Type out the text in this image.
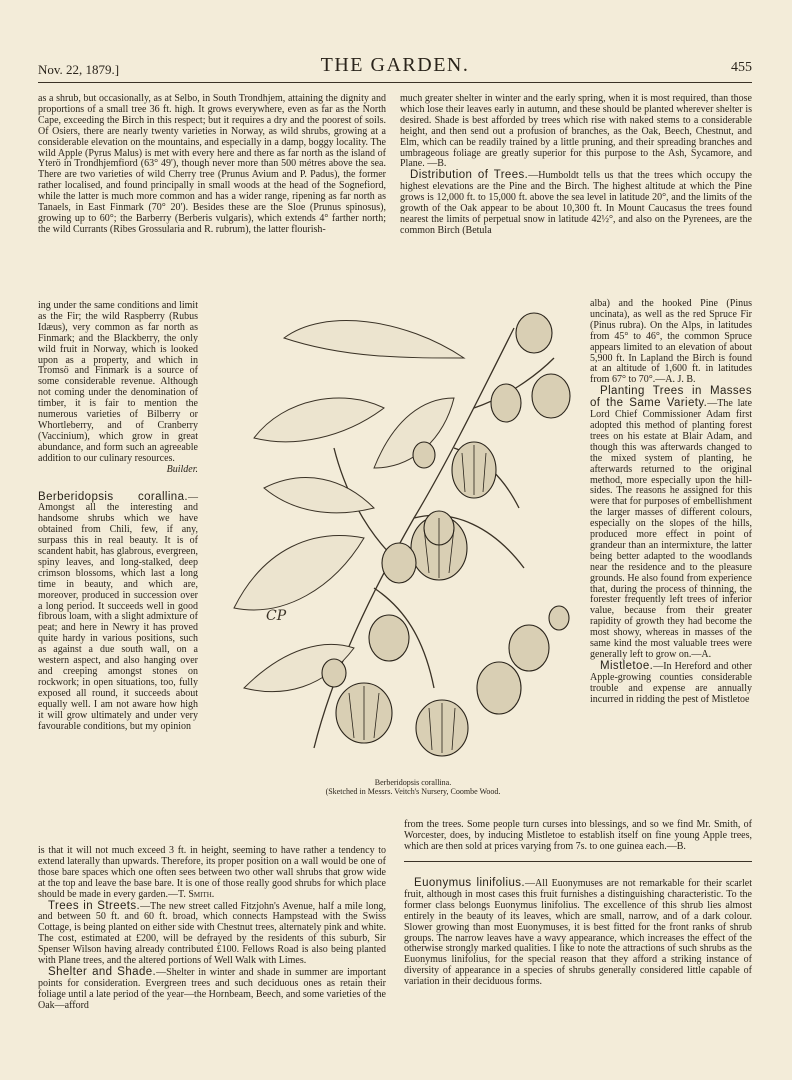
Nov. 22, 1879.]	THE GARDEN.	455

as a shrub, but occasionally, as at Selbo, in South Trondhjem, attaining the dignity and proportions of a small tree 36 ft. high. It grows everywhere, even as far as the North Cape, exceeding the Birch in this respect; but it requires a dry and the poorest of soils. Of Osiers, there are nearly twenty varieties in Norway, as wild shrubs, growing at a considerable elevation on the mountains, and especially in a damp, boggy locality. The wild Apple (Pyrus Malus) is met with every here and there as far north as the island of Yterö in Trondhjemfiord (63° 49'), though never more than 500 métres above the sea. There are two varieties of wild Cherry tree (Prunus Avium and P. Padus), the former rather localised, and found principally in small woods at the head of the Sognefiord, while the latter is much more common and has a wider range, ripening as far north as Tanaels, in East Finmark (70° 20'). Besides these are the Sloe (Prunus spinosus), growing up to 60°; the Barberry (Berberis vulgaris), which extends 4° farther north; the wild Currants (Ribes Grossularia and R. rubrum), the latter flourish-

ing under the same conditions and limit as the Fir; the wild Raspberry (Rubus Idæus), very common as far north as Finmark; and the Blackberry, the only wild fruit in Norway, which is looked upon as a property, and which in Tromsö and Finmark is a source of some considerable revenue. Although not coming under the denomination of timber, it is fair to mention the numerous varieties of Bilberry or Whortleberry, and of Cranberry (Vaccinium), which grow in great abundance, and form such an agreeable addition to our culinary resources.

Builder.

Berberidopsis corallina.—Amongst all the interesting and handsome shrubs which we have obtained from Chili, few, if any, surpass this in real beauty. It is of scandent habit, has glabrous, evergreen, spiny leaves, and long-stalked, deep crimson blossoms, which last a long time in beauty, and which are, moreover, produced in succession over a long period. It succeeds well in good fibrous loam, with a slight admixture of peat; and here in Newry it has proved quite hardy in various positions, such as against a due south wall, on a western aspect, and also hanging over and creeping amongst stones on rockwork; in open situations, too, fully exposed all round, it succeeds about equally well. I am not aware how high it will grow ultimately and under very favourable conditions, but my opinion

is that it will not much exceed 3 ft. in height, seeming to have rather a tendency to extend laterally than upwards. Therefore, its proper position on a wall would be one of those bare spaces which one often sees between two other wall shrubs that grow wide at the top and leave the base bare. It is one of those really good shrubs for which place should be made in every garden.—T. Smith.

Trees in Streets.—The new street called Fitzjohn's Avenue, half a mile long, and between 50 ft. and 60 ft. broad, which connects Hampstead with the Swiss Cottage, is being planted on either side with Chestnut trees, alternately pink and white. The cost, estimated at £200, will be defrayed by the residents of this suburb, Sir Spenser Wilson having already contributed £100. Fellows Road is also being planted with Plane trees, and the altered portions of Well Walk with Limes.

Shelter and Shade.—Shelter in winter and shade in summer are important points for consideration. Evergreen trees and such deciduous ones as retain their foliage until a late period of the year—the Hornbeam, Beech, and some varieties of the Oak—afford

much greater shelter in winter and the early spring, when it is most required, than those which lose their leaves early in autumn, and these should be planted wherever shelter is desired. Shade is best afforded by trees which rise with naked stems to a considerable height, and then send out a profusion of branches, as the Oak, Beech, Chestnut, and Elm, which can be readily trained by a little pruning, and their spreading branches and umbrageous foliage are greatly superior for this purpose to the Ash, Sycamore, and Plane. —B.

Distribution of Trees.—Humboldt tells us that the trees which occupy the highest elevations are the Pine and the Birch. The highest altitude at which the Pine grows is 12,000 ft. to 15,000 ft. above the sea level in latitude 20°, and the limits of the growth of the Oak appear to be about 10,300 ft. In Mount Caucasus the trees found nearest the limits of perpetual snow in latitude 42½°, and also on the Pyrenees, are the common Birch (Betula

alba) and the hooked Pine (Pinus uncinata), as well as the red Spruce Fir (Pinus rubra). On the Alps, in latitudes from 45° to 46°, the common Spruce appears limited to an elevation of about 5,900 ft. In Lapland the Birch is found at an altitude of 1,600 ft. in latitudes from 67° to 70°.—A. J. B.

Planting Trees in Masses of the Same Variety.—The late Lord Chief Commissioner Adam first adopted this method of planting forest trees on his estate at Blair Adam, and though this was afterwards changed to the mixed system of planting, he afterwards returned to the original method, more especially upon the hill-sides. The reasons he assigned for this were that for purposes of embellishment the larger masses of different colours, especially on the slopes of the hills, produced more effect in point of grandeur than an intermixture, the latter being better adapted to the woodlands near the residence and to the pleasure grounds. He also found from experience that, during the process of thinning, the forester frequently left trees of inferior value, because from their greater rapidity of growth they had become the most showy, whereas in masses of the same kind the most valuable trees were generally left to grow on.—A.

Mistletoe.—In Hereford and other Apple-growing counties considerable trouble and expense are annually incurred in ridding the pest of Mistletoe

from the trees. Some people turn curses into blessings, and so we find Mr. Smith, of Worcester, does, by inducing Mistletoe to establish itself on fine young Apple trees, which are then sold at prices varying from 7s. to one guinea each.—B.

Euonymus linifolius.—All Euonymuses are not remarkable for their scarlet fruit, although in most cases this fruit furnishes a distinguishing characteristic. To the former class belongs Euonymus linifolius. The excellence of this shrub lies almost entirely in the beauty of its leaves, which are small, narrow, and of a dark colour. Slower growing than most Euonymuses, it is best fitted for the front ranks of shrub groups. The narrow leaves have a wavy appearance, which increases the effect of the otherwise strongly marked qualities. I like to note the attractions of such shrubs as the Euonymus linifolius, for the special reason that they afford a striking instance of diversity of appearance in a species of shrubs generally considered little capable of variation in their deciduous forms.

CP
Berberidopsis corallina.
(Sketched in Messrs. Veitch's Nursery, Coombe Wood.
